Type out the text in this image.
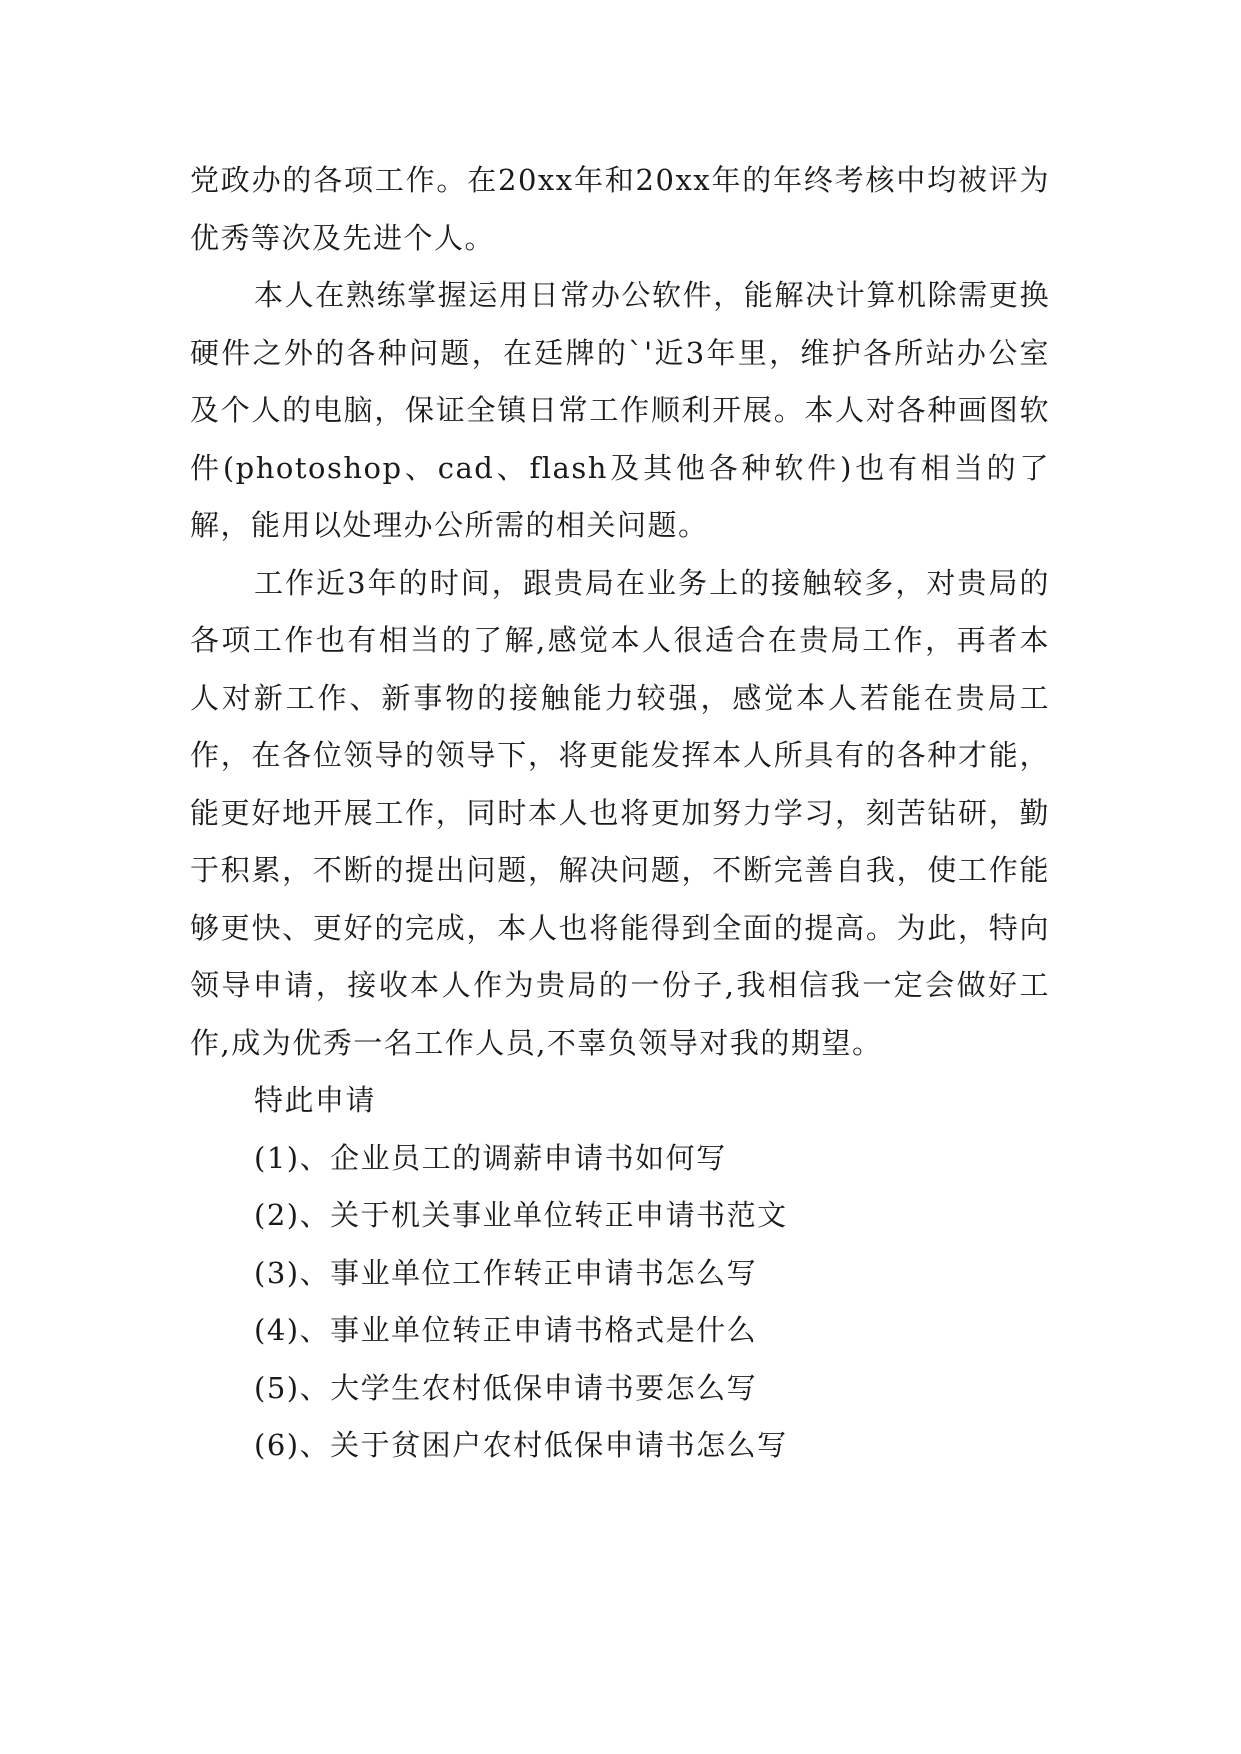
党政办的各项工作。在20xx年和20xx年的年终考核中均被评为优秀等次及先进个人。

本人在熟练掌握运用日常办公软件，能解决计算机除需更换硬件之外的各种问题，在廷牌的`'近3年里，维护各所站办公室及个人的电脑，保证全镇日常工作顺利开展。本人对各种画图软件(photoshop、cad、flash及其他各种软件)也有相当的了解，能用以处理办公所需的相关问题。

工作近3年的时间，跟贵局在业务上的接触较多，对贵局的各项工作也有相当的了解,感觉本人很适合在贵局工作，再者本人对新工作、新事物的接触能力较强，感觉本人若能在贵局工作，在各位领导的领导下，将更能发挥本人所具有的各种才能，能更好地开展工作，同时本人也将更加努力学习，刻苦钻研，勤于积累，不断的提出问题，解决问题，不断完善自我，使工作能够更快、更好的完成，本人也将能得到全面的提高。为此，特向领导申请，接收本人作为贵局的一份子,我相信我一定会做好工作,成为优秀一名工作人员,不辜负领导对我的期望。

特此申请

(1)、企业员工的调薪申请书如何写
(2)、关于机关事业单位转正申请书范文
(3)、事业单位工作转正申请书怎么写
(4)、事业单位转正申请书格式是什么
(5)、大学生农村低保申请书要怎么写
(6)、关于贫困户农村低保申请书怎么写
